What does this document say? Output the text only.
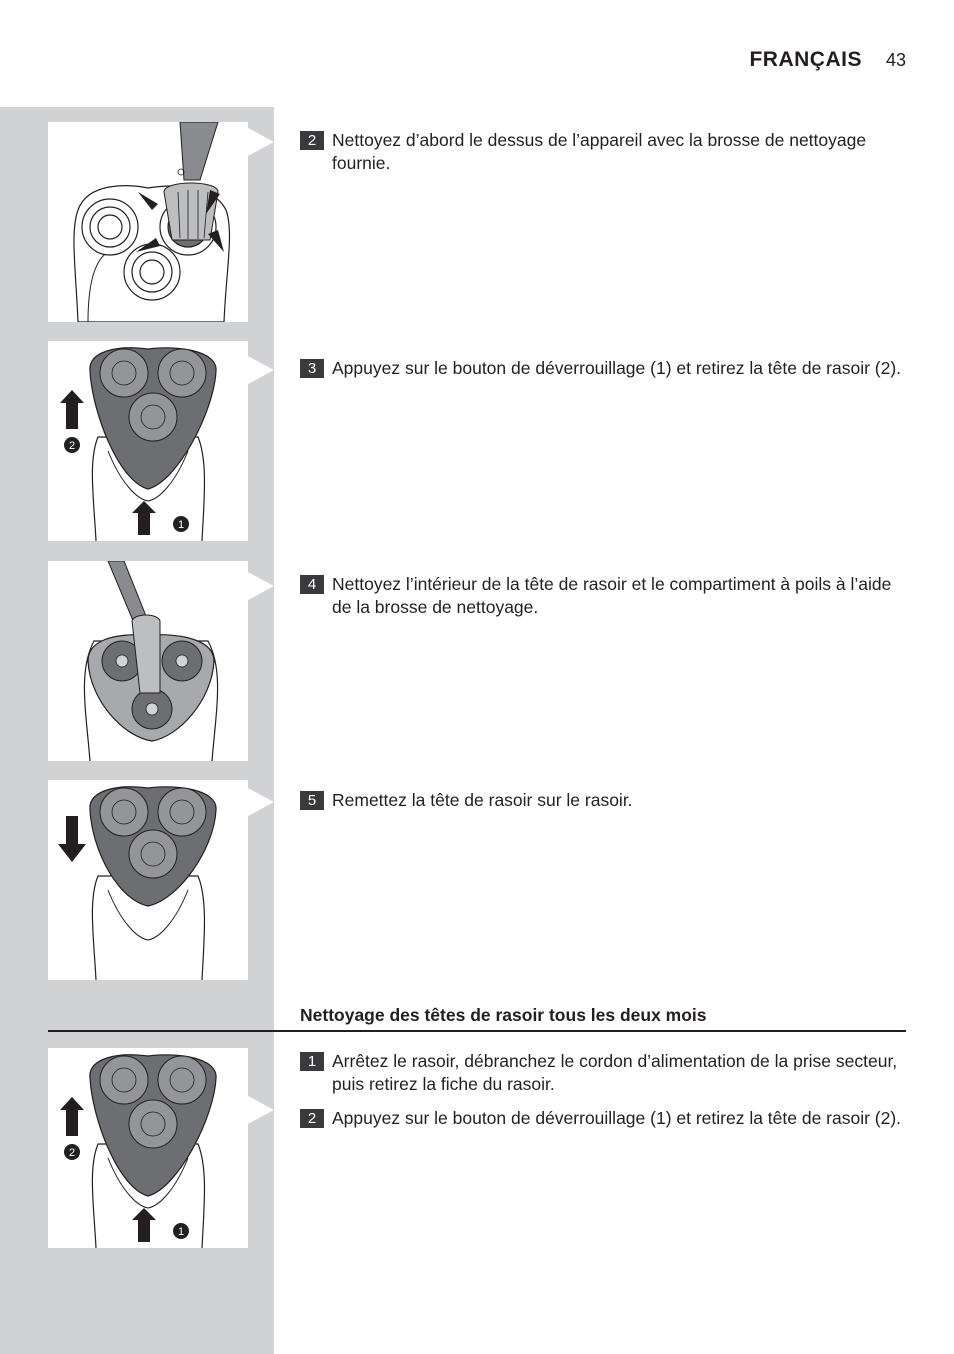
FRANÇAIS 43
2
1
2
1
2 Nettoyez d’abord le dessus de l’appareil avec la brosse de nettoyage fournie.
3 Appuyez sur le bouton de déverrouillage (1) et retirez la tête de rasoir (2).
4 Nettoyez l’intérieur de la tête de rasoir et le compartiment à poils à l’aide de la brosse de nettoyage.
5 Remettez la tête de rasoir sur le rasoir.
Nettoyage des têtes de rasoir tous les deux mois
1 Arrêtez le rasoir, débranchez le cordon d’alimentation de la prise secteur, puis retirez la fiche du rasoir.
2 Appuyez sur le bouton de déverrouillage (1) et retirez la tête de rasoir (2).
